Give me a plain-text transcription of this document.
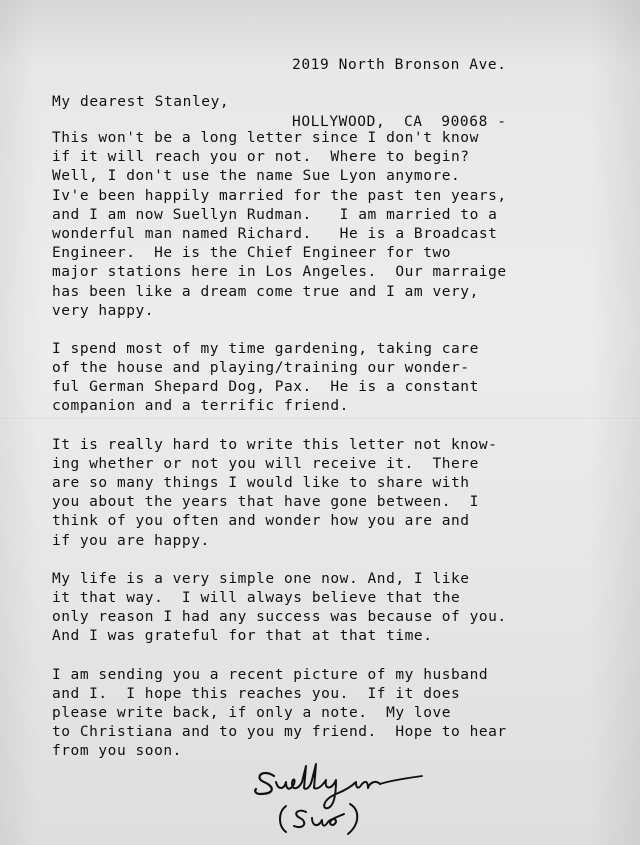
2019 North Bronson Ave.

HOLLYWOOD,  CA  90068 -

My dearest Stanley,
This won't be a long letter since I don't know
if it will reach you or not.  Where to begin?
Well, I don't use the name Sue Lyon anymore.
Iv'e been happily married for the past ten years,
and I am now Suellyn Rudman.   I am married to a
wonderful man named Richard.   He is a Broadcast
Engineer.  He is the Chief Engineer for two
major stations here in Los Angeles.  Our marraige
has been like a dream come true and I am very,
very happy.
I spend most of my time gardening, taking care
of the house and playing/training our wonder-
ful German Shepard Dog, Pax.  He is a constant
companion and a terrific friend.
It is really hard to write this letter not know-
ing whether or not you will receive it.  There
are so many things I would like to share with
you about the years that have gone between.  I
think of you often and wonder how you are and
if you are happy.
My life is a very simple one now. And, I like
it that way.  I will always believe that the
only reason I had any success was because of you.
And I was grateful for that at that time.
I am sending you a recent picture of my husband
and I.  I hope this reaches you.  If it does
please write back, if only a note.  My love
to Christiana and to you my friend.  Hope to hear
from you soon.
